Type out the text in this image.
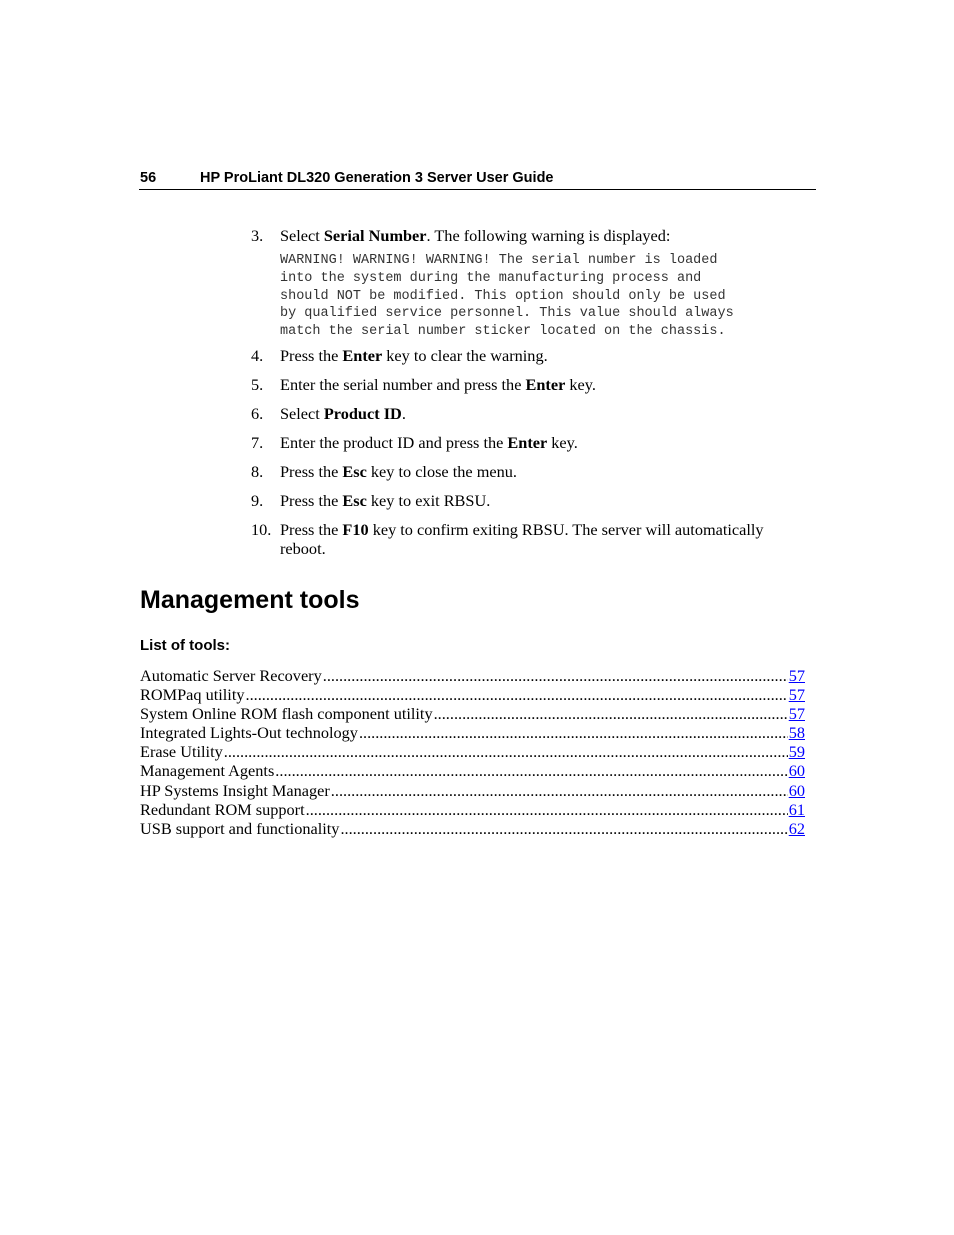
56	HP ProLiant DL320 Generation 3 Server User Guide
3. Select Serial Number. The following warning is displayed:
WARNING! WARNING! WARNING! The serial number is loaded
into the system during the manufacturing process and
should NOT be modified. This option should only be used
by qualified service personnel. This value should always
match the serial number sticker located on the chassis.
4. Press the Enter key to clear the warning.
5. Enter the serial number and press the Enter key.
6. Select Product ID.
7. Enter the product ID and press the Enter key.
8. Press the Esc key to close the menu.
9. Press the Esc key to exit RBSU.
10. Press the F10 key to confirm exiting RBSU. The server will automatically reboot.
Management tools
List of tools:
Automatic Server Recovery .....	57
ROMPaq utility .....	57
System Online ROM flash component utility .....	57
Integrated Lights-Out technology .....	58
Erase Utility .....	59
Management Agents .....	60
HP Systems Insight Manager .....	60
Redundant ROM support .....	61
USB support and functionality .....	62
